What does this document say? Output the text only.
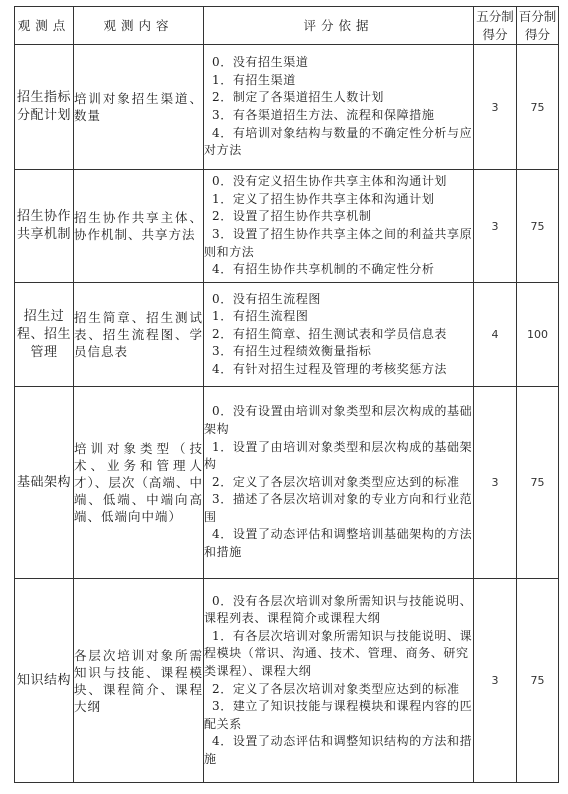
观测点	观测内容	评分依据	五分制得分	百分制得分
招生指标分配计划	培训对象招生渠道、数量	0．没有招生渠道
1．有招生渠道
2．制定了各渠道招生人数计划
3．有各渠道招生方法、流程和保障措施
4．有培训对象结构与数量的不确定性分析与应对方法	3	75
招生协作共享机制	招生协作共享主体、协作机制、共享方法	0．没有定义招生协作共享主体和沟通计划
1．定义了招生协作共享主体和沟通计划
2．设置了招生协作共享机制
3．设置了招生协作共享主体之间的利益共享原则和方法
4．有招生协作共享机制的不确定性分析	3	75
招生过程、招生管理	招生简章、招生测试表、招生流程图、学员信息表	0．没有招生流程图
1．有招生流程图
2．有招生简章、招生测试表和学员信息表
3．有招生过程绩效衡量指标
4．有针对招生过程及管理的考核奖惩方法	4	100
基础架构	培训对象类型（技术、业务和管理人才）、层次（高端、中端、低端、中端向高端、低端向中端）	0．没有设置由培训对象类型和层次构成的基础架构
1．设置了由培训对象类型和层次构成的基础架构
2．定义了各层次培训对象类型应达到的标准
3．描述了各层次培训对象的专业方向和行业范围
4．设置了动态评估和调整培训基础架构的方法和措施	3	75
知识结构	各层次培训对象所需知识与技能、课程模块、课程简介、课程大纲	0．没有各层次培训对象所需知识与技能说明、课程列表、课程简介或课程大纲
1．有各层次培训对象所需知识与技能说明、课程模块（常识、沟通、技术、管理、商务、研究类课程）、课程大纲
2．定义了各层次培训对象类型应达到的标准
3．建立了知识技能与课程模块和课程内容的匹配关系
4．设置了动态评估和调整知识结构的方法和措施	3	75
